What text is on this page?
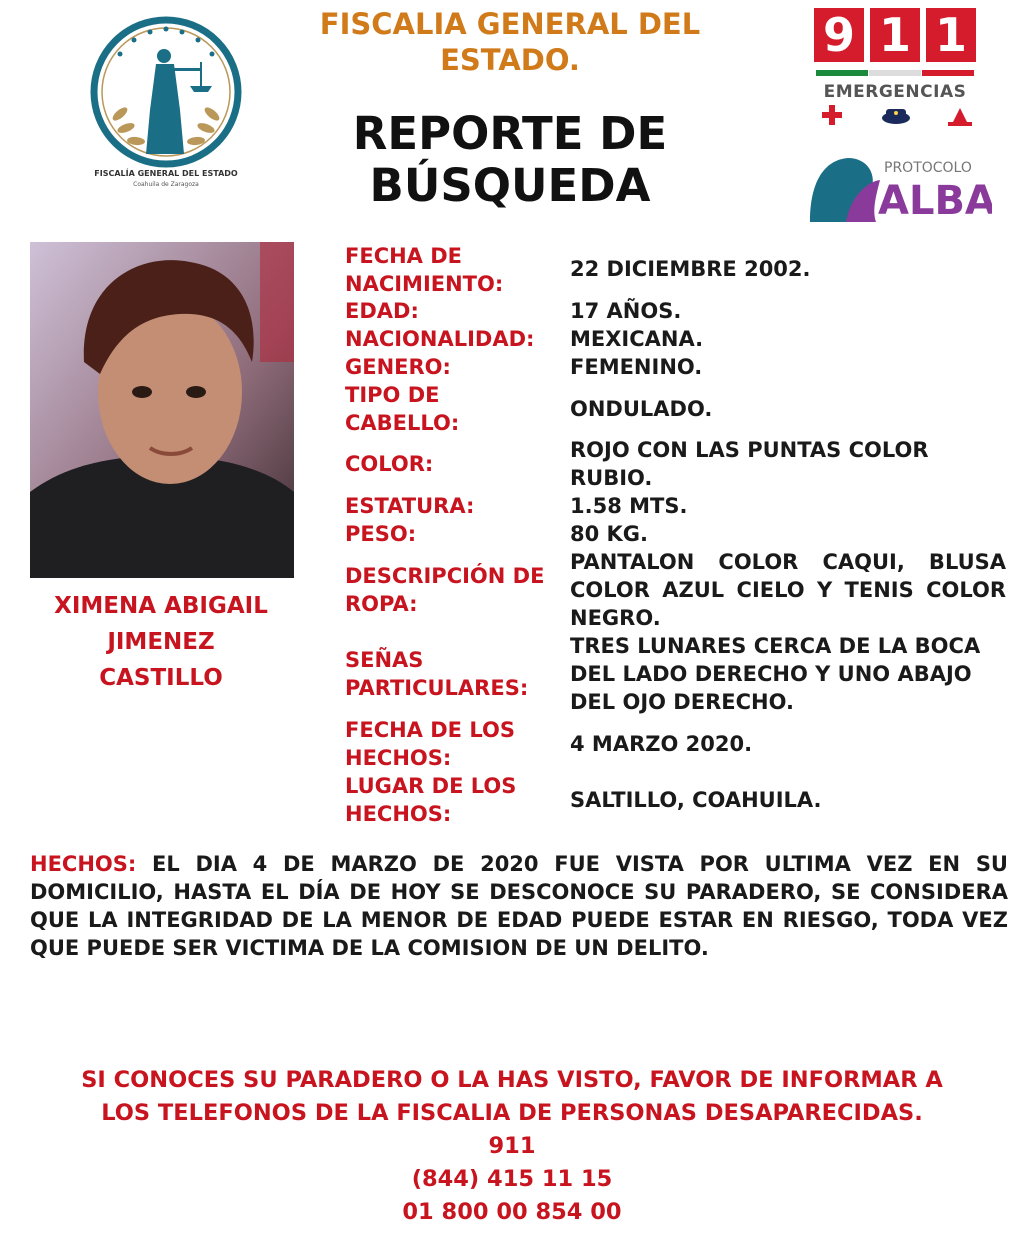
FISCALÍA GENERAL DEL ESTADO
Coahuila de Zaragoza
FISCALIA GENERAL DEL ESTADO.
REPORTE DE
BÚSQUEDA
9 1 1
EMERGENCIAS
PROTOCOLO
ALBA
XIMENA ABIGAIL
JIMENEZ
CASTILLO
FECHA DE
NACIMIENTO:
22 DICIEMBRE 2002.
EDAD:	17 AÑOS.
NACIONALIDAD: MEXICANA.
GENERO:	FEMENINO.
TIPO DE
CABELLO:
ONDULADO.
COLOR:
ROJO CON LAS PUNTAS COLOR
RUBIO.
ESTATURA:	1.58 MTS.
PESO:	80 KG.
DESCRIPCIÓN DE
ROPA:
PANTALON COLOR CAQUI, BLUSA COLOR AZUL CIELO Y TENIS COLOR NEGRO.
SEÑAS
PARTICULARES:
TRES LUNARES CERCA DE LA BOCA DEL LADO DERECHO Y UNO ABAJO DEL OJO DERECHO.
FECHA DE LOS
HECHOS:
4 MARZO 2020.
LUGAR DE LOS
HECHOS:
SALTILLO, COAHUILA.
HECHOS: EL DIA 4 DE MARZO DE 2020 FUE VISTA POR ULTIMA VEZ EN SU DOMICILIO, HASTA EL DÍA DE HOY SE DESCONOCE SU PARADERO, SE CONSIDERA QUE LA INTEGRIDAD DE LA MENOR DE EDAD PUEDE ESTAR EN RIESGO, TODA VEZ QUE PUEDE SER VICTIMA DE LA COMISION DE UN DELITO.
SI CONOCES SU PARADERO O LA HAS VISTO, FAVOR DE INFORMAR A
LOS TELEFONOS DE LA FISCALIA DE PERSONAS DESAPARECIDAS.
911
(844) 415 11 15
01 800 00 854 00
